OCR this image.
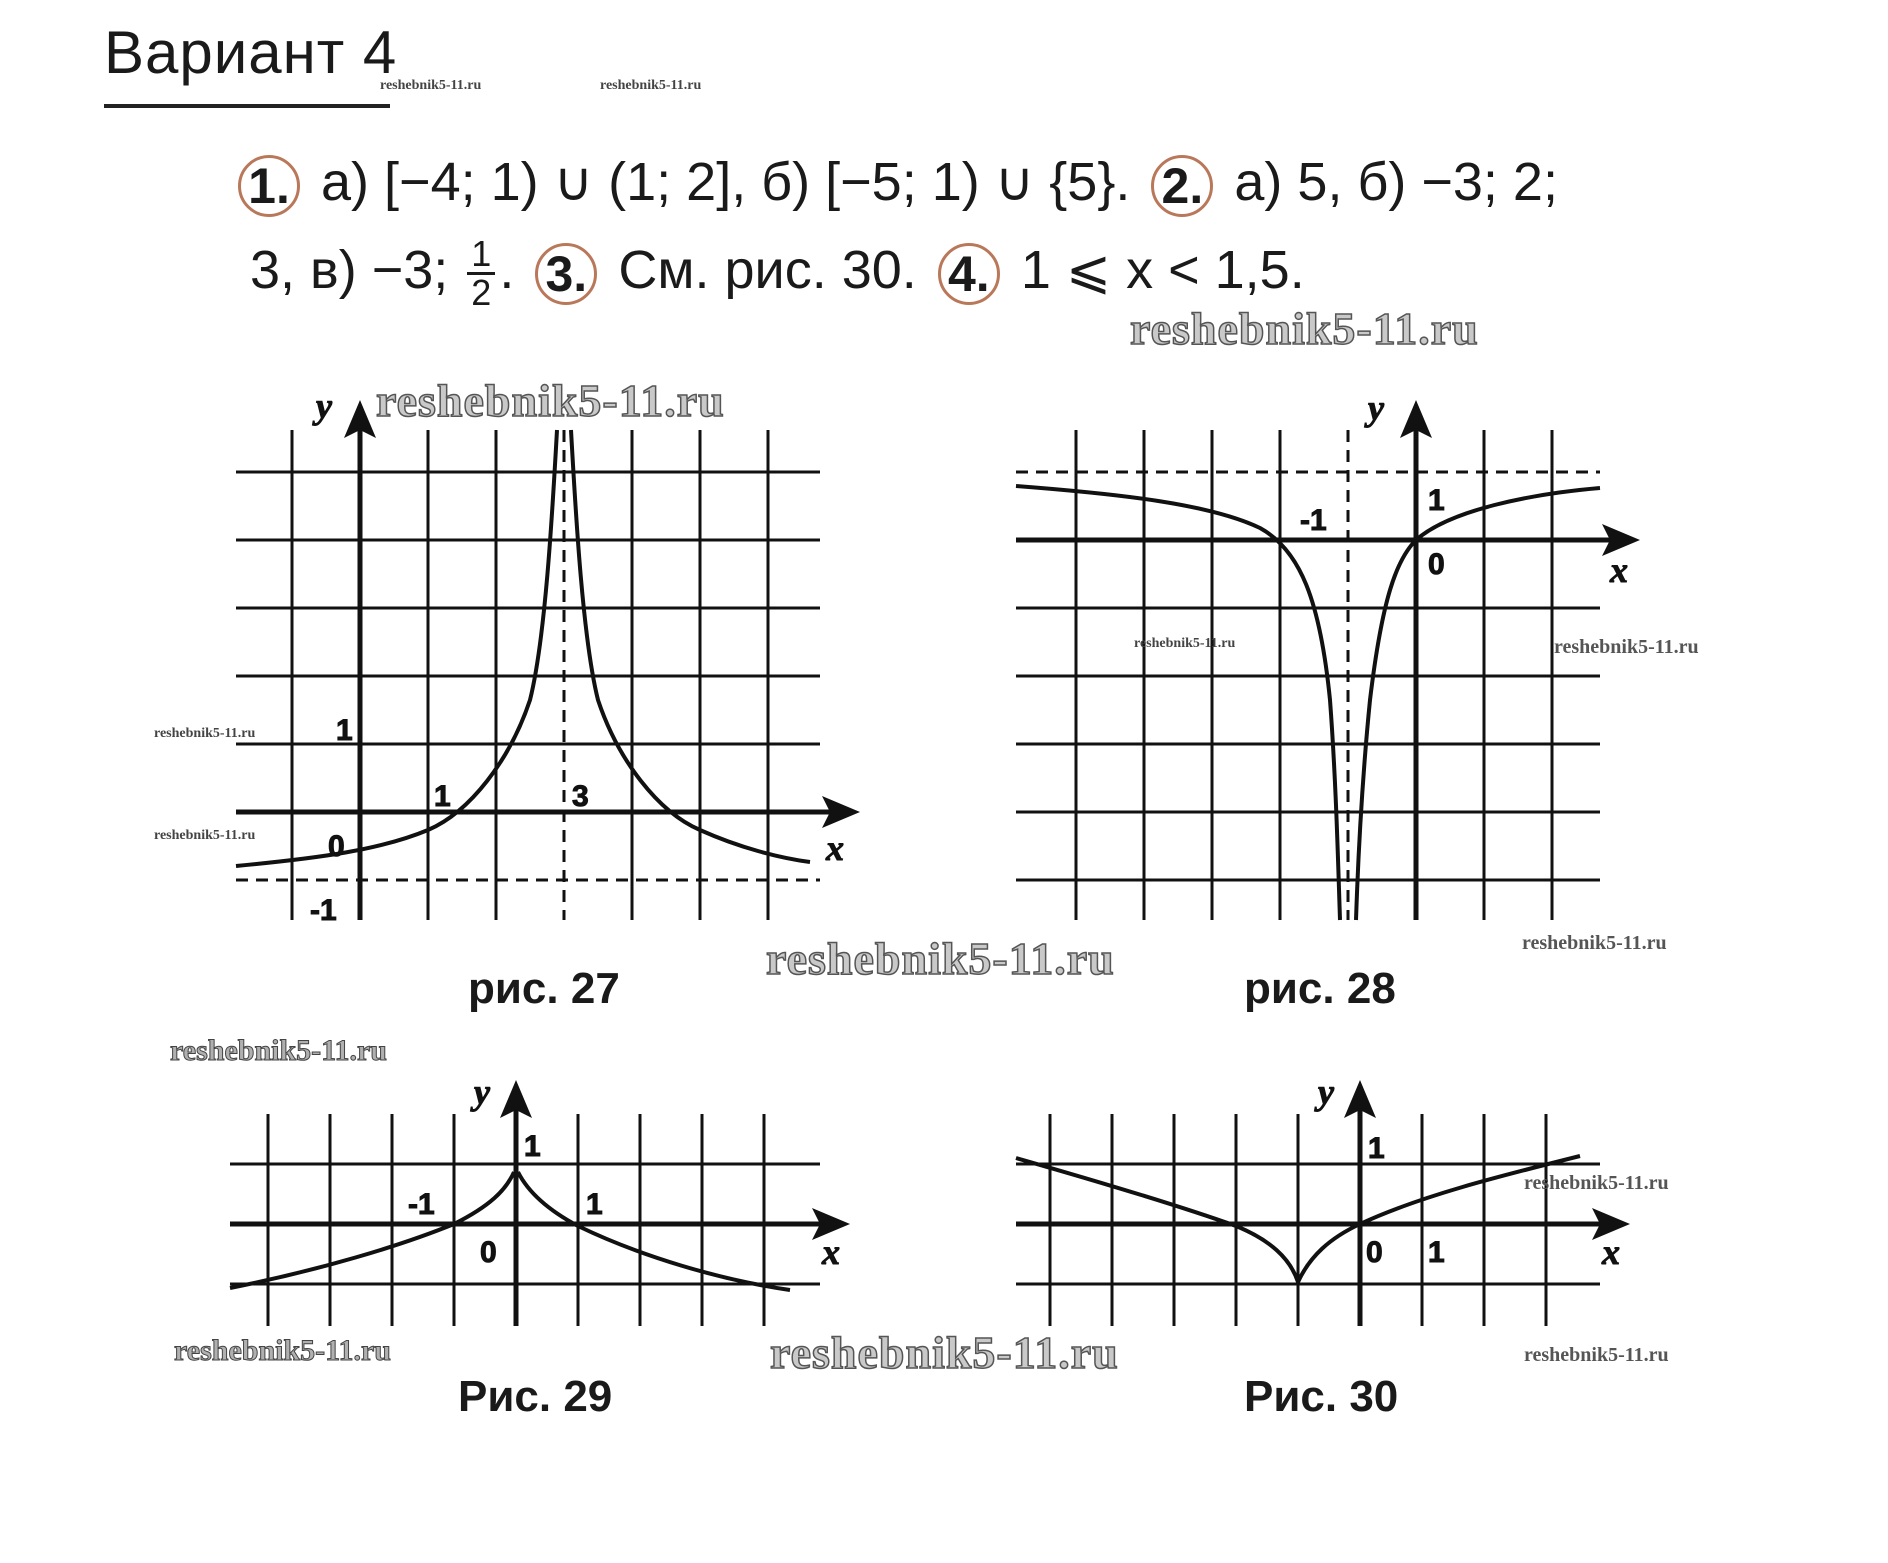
Вариант 4
reshebnik5-11.ru	reshebnik5-11.ru
1. а) [−4; 1) ∪ (1; 2], б) [−5; 1) ∪ {5}. 2. а) 5, б) −3; 2;
3, в) −3; $\frac{1}{2}$ . 3. См. рис. 30. 4. 1 ⩽ x < 1,5.
y
x
1
1
0
3
-1
y
x
1
0
-1
y
x
1
1
0
-1
y
x
1
1
0
рис. 27	рис. 28
Рис. 29	Рис. 30
reshebnik5-11.ru
reshebnik5-11.ru
reshebnik5-11.ru
reshebnik5-11.ru
reshebnik5-11.ru	reshebnik5-11.ru
reshebnik5-11.ru
reshebnik5-11.ru
reshebnik5-11.ru
reshebnik5-11.ru	reshebnik5-11.ru
reshebnik5-11.ru
reshebnik5-11.ru
